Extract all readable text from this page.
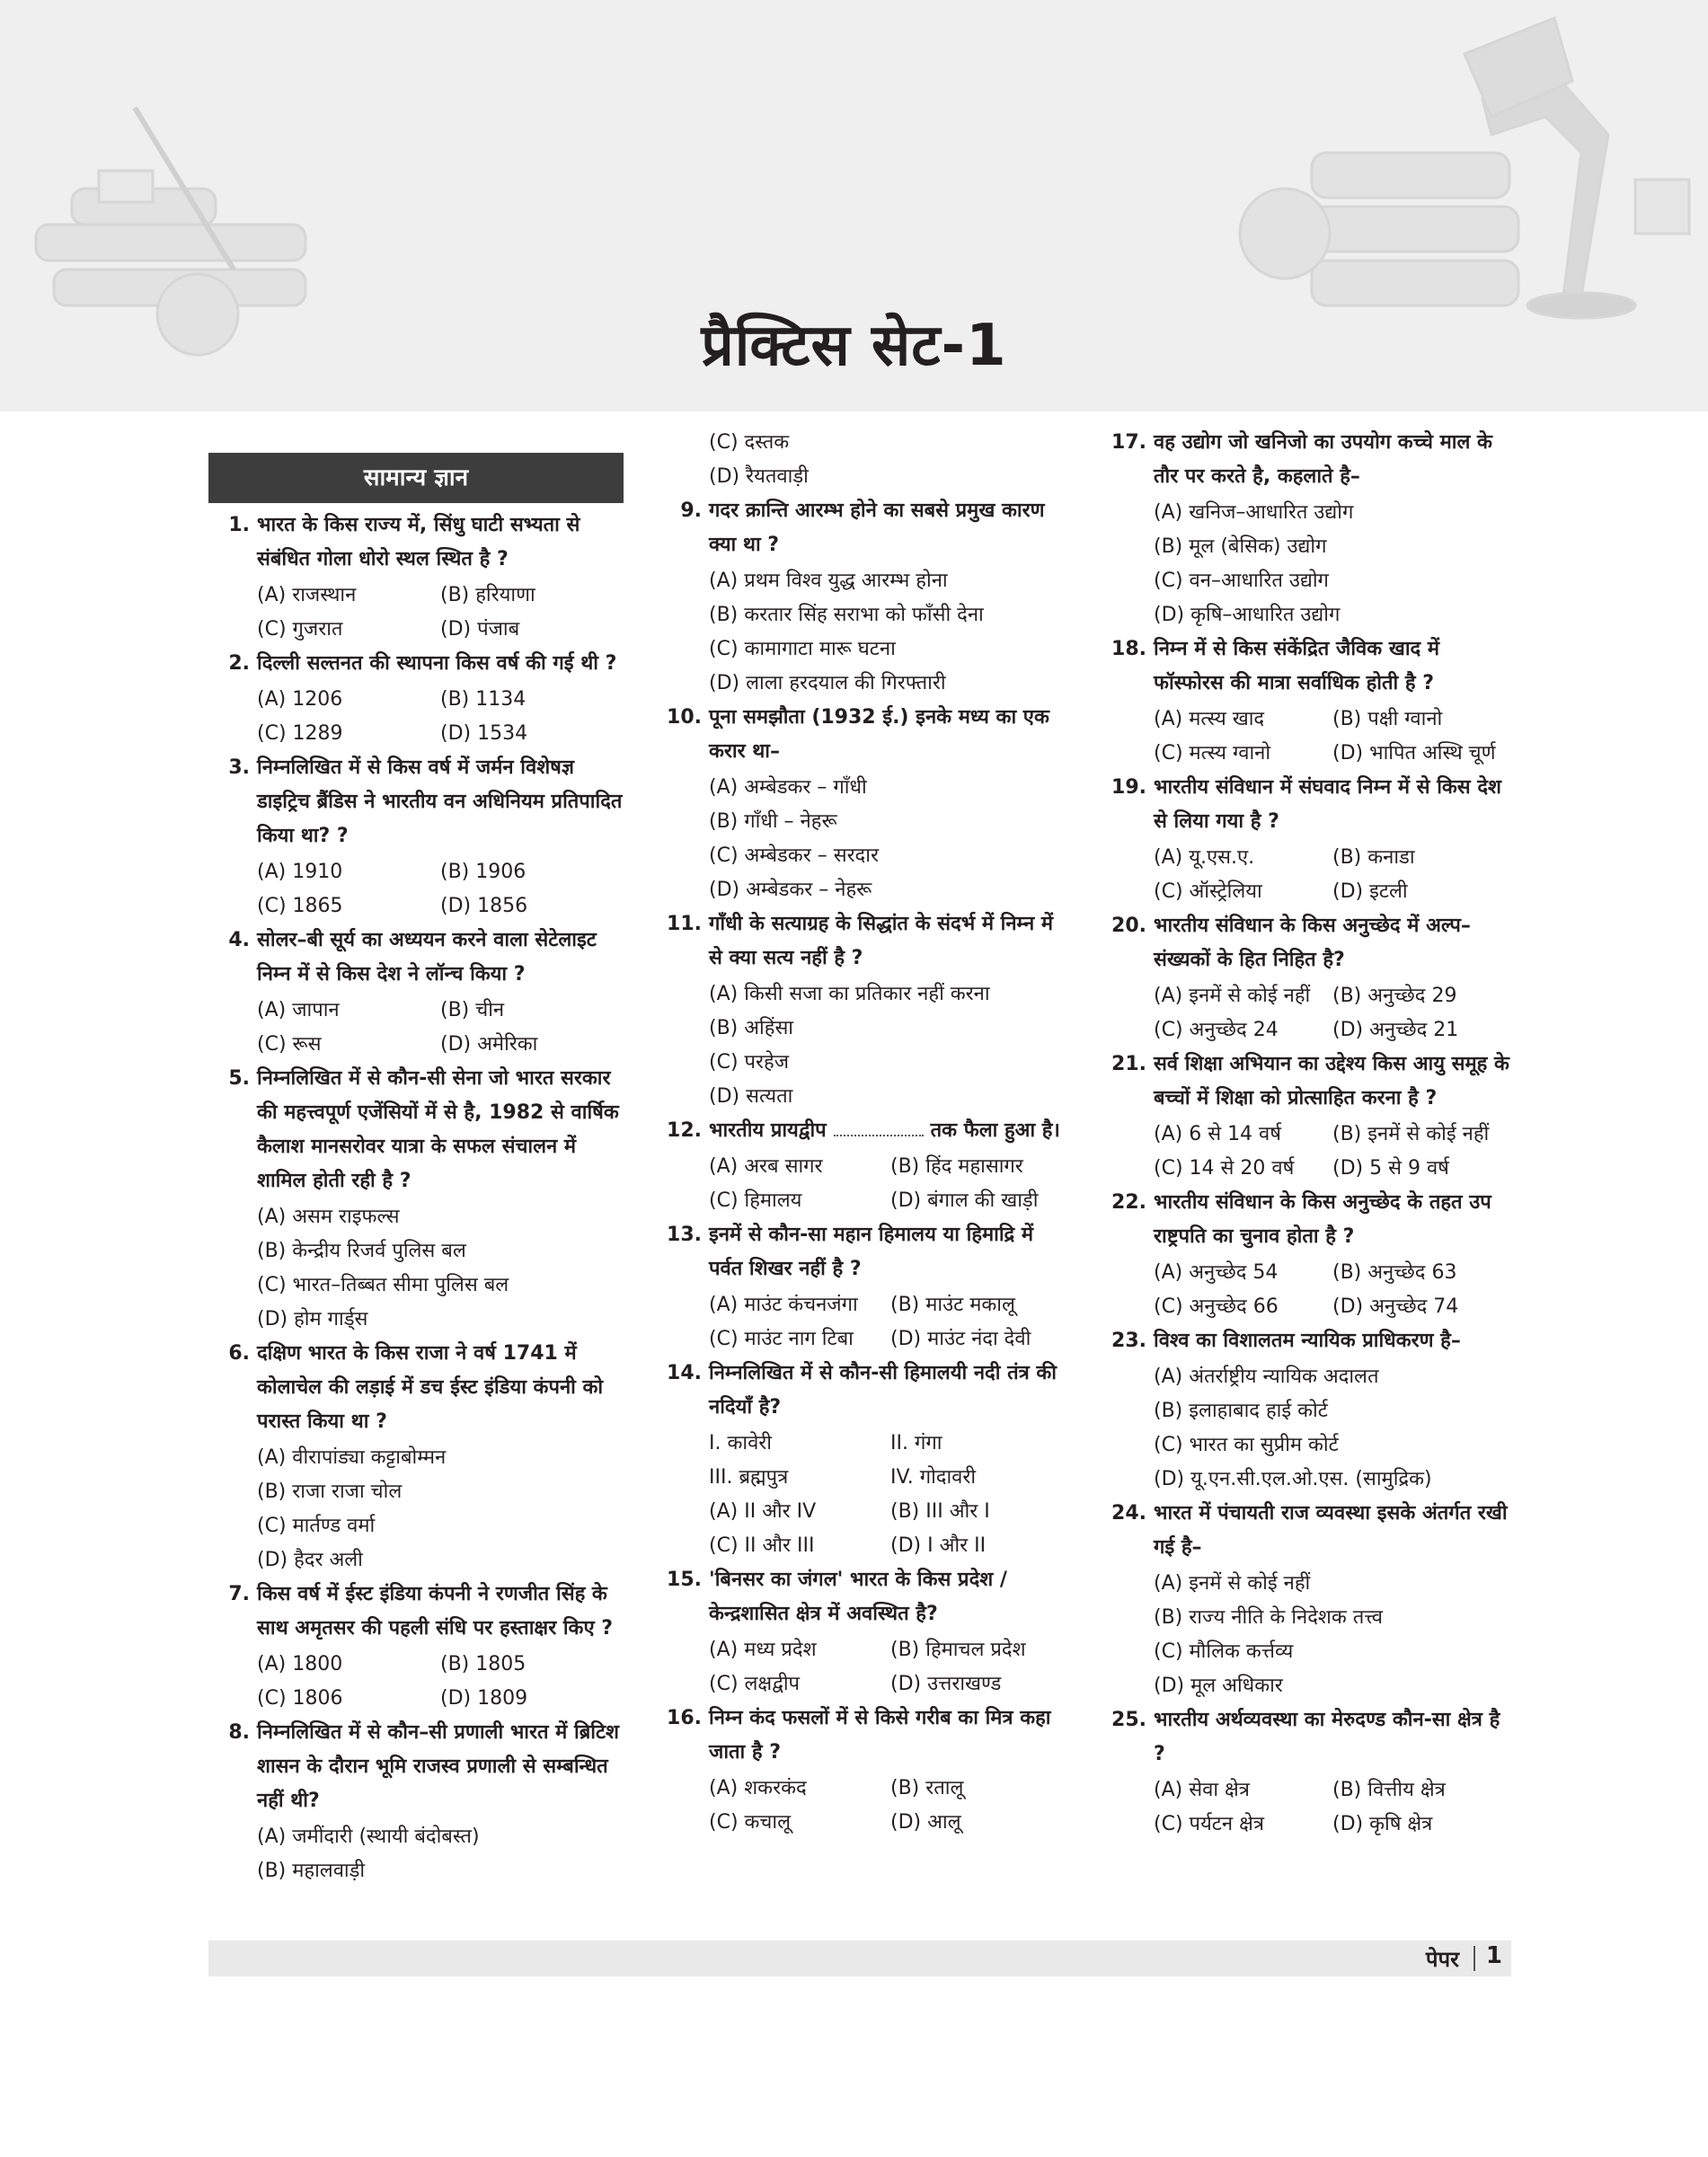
प्रैक्टिस सेट-1
सामान्य ज्ञान
1. भारत के किस राज्य में, सिंधु घाटी सभ्यता से संबंधित गोला धोरो स्थल स्थित है ?
(A) राजस्थान	(B) हरियाणा
(C) गुजरात	(D) पंजाब
2. दिल्ली सल्तनत की स्थापना किस वर्ष की गई थी ?
(A) 1206	(B) 1134
(C) 1289	(D) 1534
3. निम्नलिखित में से किस वर्ष में जर्मन विशेषज्ञ डाइट्रिच ब्रैंडिस ने भारतीय वन अधिनियम प्रतिपादित किया था? ?
(A) 1910	(B) 1906
(C) 1865	(D) 1856
4. सोलर–बी सूर्य का अध्ययन करने वाला सेटेलाइट निम्न में से किस देश ने लॉन्च किया ?
(A) जापान	(B) चीन
(C) रूस	(D) अमेरिका
5. निम्नलिखित में से कौन-सी सेना जो भारत सरकार की महत्त्वपूर्ण एजेंसियों में से है, 1982 से वार्षिक कैलाश मानसरोवर यात्रा के सफल संचालन में शामिल होती रही है ?
(A) असम राइफल्स
(B) केन्द्रीय रिजर्व पुलिस बल
(C) भारत–तिब्बत सीमा पुलिस बल
(D) होम गार्ड्स
6. दक्षिण भारत के किस राजा ने वर्ष 1741 में कोलाचेल की लड़ाई में डच ईस्ट इंडिया कंपनी को परास्त किया था ?
(A) वीरापांड्या कट्टाबोम्मन
(B) राजा राजा चोल
(C) मार्तण्ड वर्मा
(D) हैदर अली
7. किस वर्ष में ईस्ट इंडिया कंपनी ने रणजीत सिंह के साथ अमृतसर की पहली संधि पर हस्ताक्षर किए ?
(A) 1800	(B) 1805
(C) 1806	(D) 1809
8. निम्नलिखित में से कौन–सी प्रणाली भारत में ब्रिटिश शासन के दौरान भूमि राजस्व प्रणाली से सम्बन्धित नहीं थी?
(A) जमींदारी (स्थायी बंदोबस्त)
(B) महालवाड़ी
(C) दस्तक
(D) रैयतवाड़ी
9. गदर क्रान्ति आरम्भ होने का सबसे प्रमुख कारण क्या था ?
(A) प्रथम विश्व युद्ध आरम्भ होना
(B) करतार सिंह सराभा को फाँसी देना
(C) कामागाटा मारू घटना
(D) लाला हरदयाल की गिरफ्तारी
10. पूना समझौता (1932 ई.) इनके मध्य का एक करार था–
(A) अम्बेडकर – गाँधी
(B) गाँधी – नेहरू
(C) अम्बेडकर – सरदार
(D) अम्बेडकर – नेहरू
11. गाँधी के सत्याग्रह के सिद्धांत के संदर्भ में निम्न में से क्या सत्य नहीं है ?
(A) किसी सजा का प्रतिकार नहीं करना
(B) अहिंसा
(C) परहेज
(D) सत्यता
12. भारतीय प्रायद्वीप	तक फैला हुआ है।
(A) अरब सागर	(B) हिंद महासागर
(C) हिमालय	(D) बंगाल की खाड़ी
13. इनमें से कौन-सा महान हिमालय या हिमाद्रि में पर्वत शिखर नहीं है ?
(A) माउंट कंचनजंगा	(B) माउंट मकालू
(C) माउंट नाग टिबा	(D) माउंट नंदा देवी
14. निम्नलिखित में से कौन-सी हिमालयी नदी तंत्र की नदियाँ है?
I. कावेरी	II. गंगा
III. ब्रह्मपुत्र	IV. गोदावरी
(A) II और IV	(B) III और I
(C) II और III	(D) I और II
15. 'बिनसर का जंगल' भारत के किस प्रदेश / केन्द्रशासित क्षेत्र में अवस्थित है?
(A) मध्य प्रदेश	(B) हिमाचल प्रदेश
(C) लक्षद्वीप	(D) उत्तराखण्ड
16. निम्न कंद फसलों में से किसे गरीब का मित्र कहा जाता है ?
(A) शकरकंद	(B) रतालू
(C) कचालू	(D) आलू
17. वह उद्योग जो खनिजो का उपयोग कच्चे माल के तौर पर करते है, कहलाते है–
(A) खनिज–आधारित उद्योग
(B) मूल (बेसिक) उद्योग
(C) वन–आधारित उद्योग
(D) कृषि–आधारित उद्योग
18. निम्न में से किस संकेंद्रित जैविक खाद में फॉस्फोरस की मात्रा सर्वाधिक होती है ?
(A) मत्स्य खाद	(B) पक्षी ग्वानो
(C) मत्स्य ग्वानो	(D) भापित अस्थि चूर्ण
19. भारतीय संविधान में संघवाद निम्न में से किस देश से लिया गया है ?
(A) यू.एस.ए.	(B) कनाडा
(C) ऑस्ट्रेलिया	(D) इटली
20. भारतीय संविधान के किस अनुच्छेद में अल्प–संख्यकों के हित निहित है?
(A) इनमें से कोई नहीं	(B) अनुच्छेद 29
(C) अनुच्छेद 24	(D) अनुच्छेद 21
21. सर्व शिक्षा अभियान का उद्देश्य किस आयु समूह के बच्चों में शिक्षा को प्रोत्साहित करना है ?
(A) 6 से 14 वर्ष	(B) इनमें से कोई नहीं
(C) 14 से 20 वर्ष	(D) 5 से 9 वर्ष
22. भारतीय संविधान के किस अनुच्छेद के तहत उप राष्ट्रपति का चुनाव होता है ?
(A) अनुच्छेद 54	(B) अनुच्छेद 63
(C) अनुच्छेद 66	(D) अनुच्छेद 74
23. विश्व का विशालतम न्यायिक प्राधिकरण है–
(A) अंतर्राष्ट्रीय न्यायिक अदालत
(B) इलाहाबाद हाई कोर्ट
(C) भारत का सुप्रीम कोर्ट
(D) यू.एन.सी.एल.ओ.एस. (सामुद्रिक)
24. भारत में पंचायती राज व्यवस्था इसके अंतर्गत रखी गई है–
(A) इनमें से कोई नहीं
(B) राज्य नीति के निदेशक तत्त्व
(C) मौलिक कर्त्तव्य
(D) मूल अधिकार
25. भारतीय अर्थव्यवस्था का मेरुदण्ड कौन-सा क्षेत्र है ?
(A) सेवा क्षेत्र	(B) वित्तीय क्षेत्र
(C) पर्यटन क्षेत्र	(D) कृषि क्षेत्र
पेपर 1
